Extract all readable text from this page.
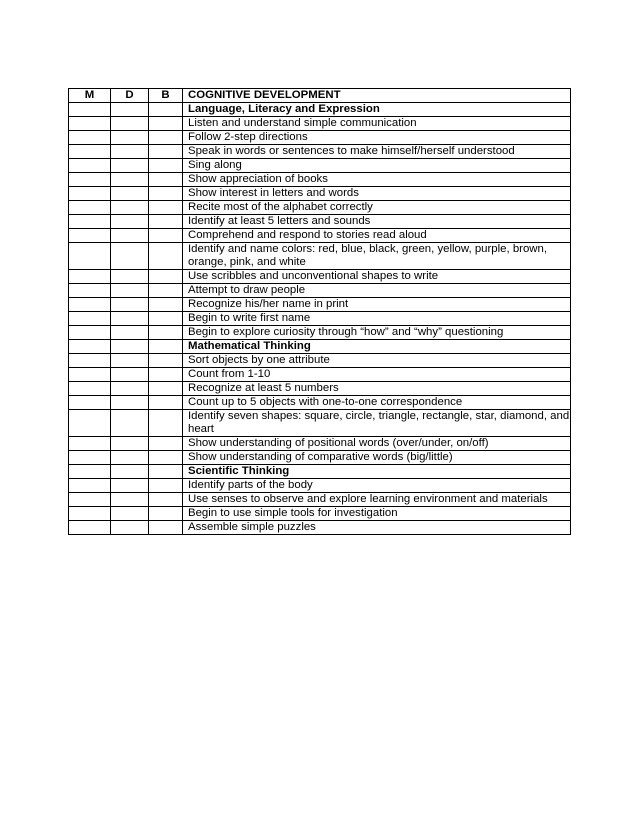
M	D	B	COGNITIVE DEVELOPMENT
			Language, Literacy and Expression
			Listen and understand simple communication
			Follow 2-step directions
			Speak in words or sentences to make himself/herself understood
			Sing along
			Show appreciation of books
			Show interest in letters and words
			Recite most of the alphabet correctly
			Identify at least 5 letters and sounds
			Comprehend and respond to stories read aloud
			Identify and name colors: red, blue, black, green, yellow, purple, brown, orange, pink, and white
			Use scribbles and unconventional shapes to write
			Attempt to draw people
			Recognize his/her name in print
			Begin to write first name
			Begin to explore curiosity through “how” and “why” questioning
			Mathematical Thinking
			Sort objects by one attribute
			Count from 1-10
			Recognize at least 5 numbers
			Count up to 5 objects with one-to-one correspondence
			Identify seven shapes: square, circle, triangle, rectangle, star, diamond, and heart
			Show understanding of positional words (over/under, on/off)
			Show understanding of comparative words (big/little)
			Scientific Thinking
			Identify parts of the body
			Use senses to observe and explore learning environment and materials
			Begin to use simple tools for investigation
			Assemble simple puzzles
